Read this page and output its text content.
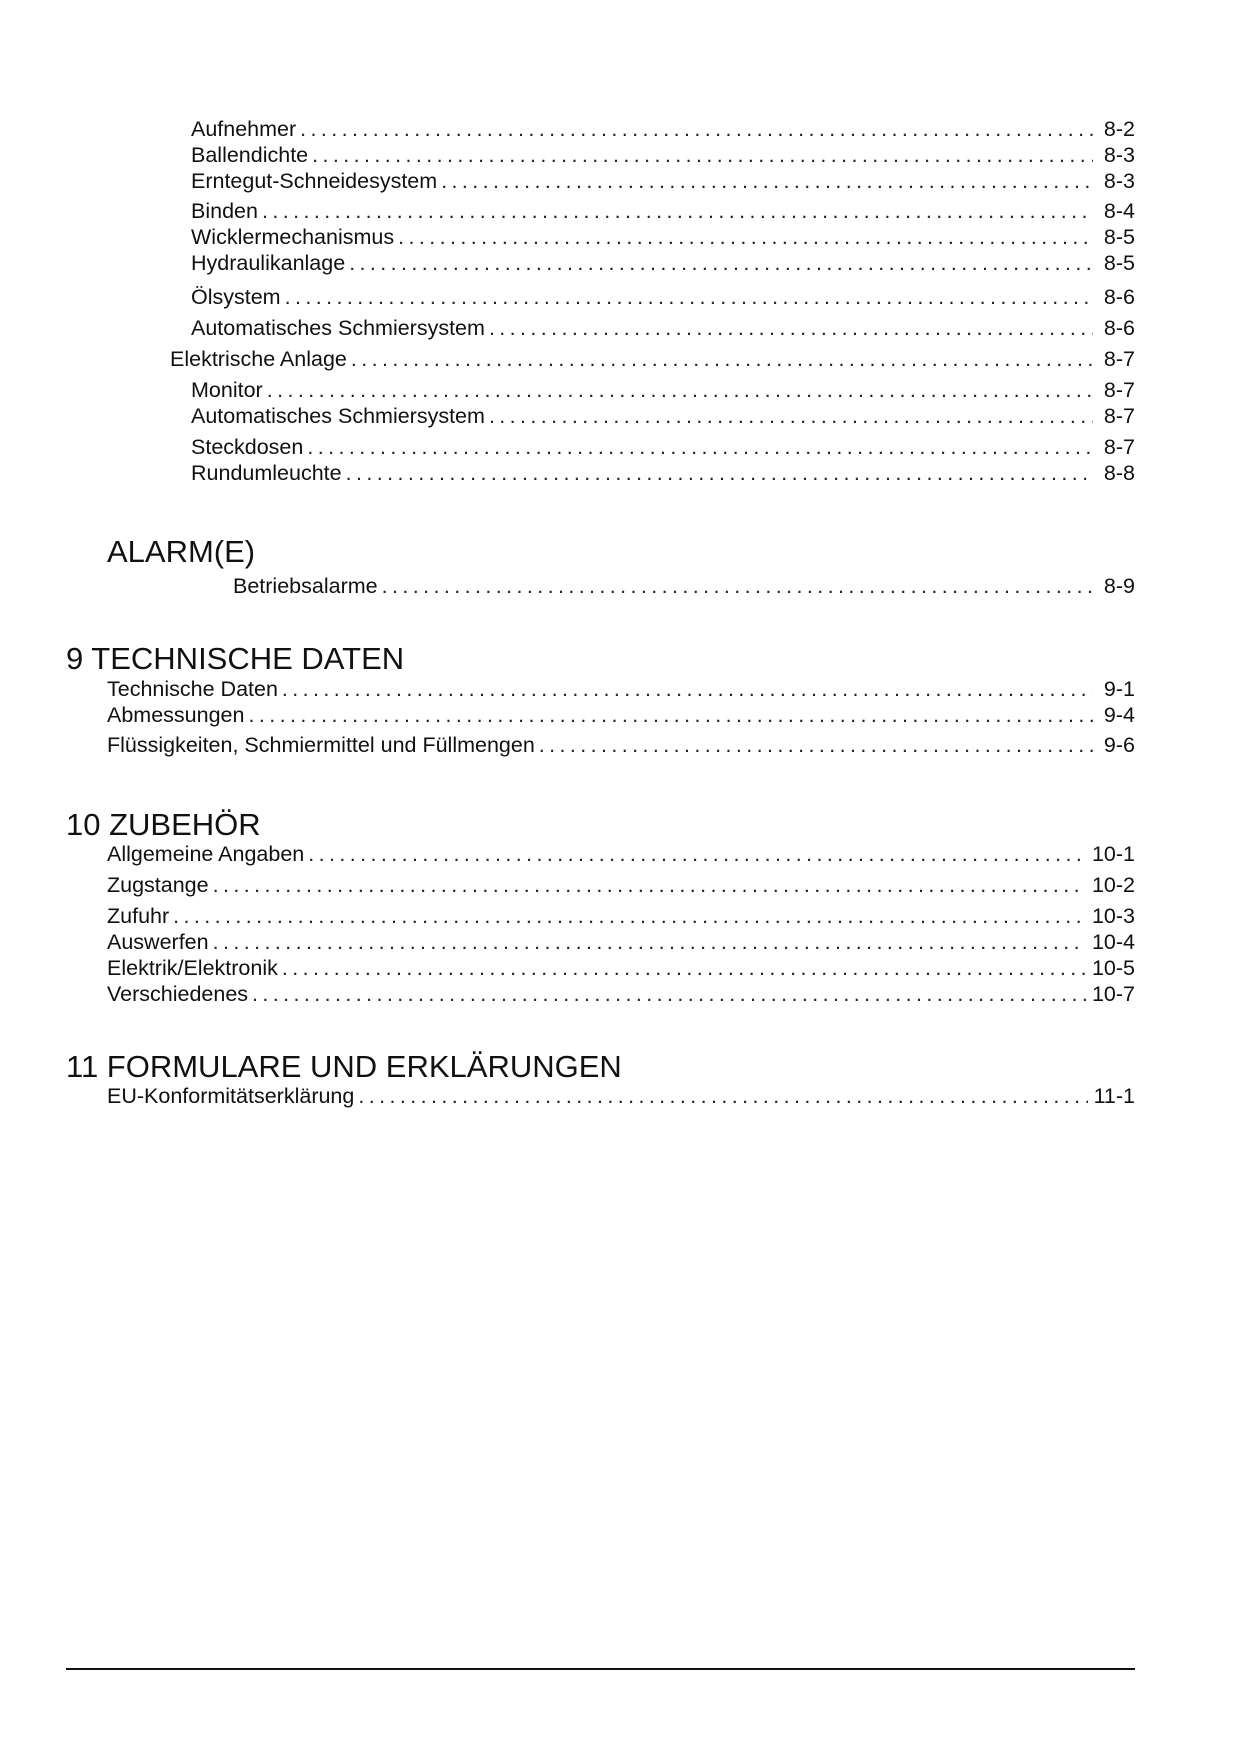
Aufnehmer .....	8-2
Ballendichte .....	8-3
Erntegut-Schneidesystem .....	8-3
Binden .....	8-4
Wicklermechanismus .....	8-5
Hydraulikanlage .....	8-5
Ölsystem .....	8-6
Automatisches Schmiersystem .....	8-6
Elektrische Anlage .....	8-7
Monitor .....	8-7
Automatisches Schmiersystem .....	8-7
Steckdosen .....	8-7
Rundumleuchte .....	8-8
ALARM(E)
Betriebsalarme .....	8-9
9 TECHNISCHE DATEN
Technische Daten .....	9-1
Abmessungen .....	9-4
Flüssigkeiten, Schmiermittel und Füllmengen .....	9-6
10 ZUBEHÖR
Allgemeine Angaben .....	10-1
Zugstange .....	10-2
Zufuhr .....	10-3
Auswerfen .....	10-4
Elektrik/Elektronik .....	10-5
Verschiedenes .....	10-7
11 FORMULARE UND ERKLÄRUNGEN
EU-Konformitätserklärung .....	11-1
